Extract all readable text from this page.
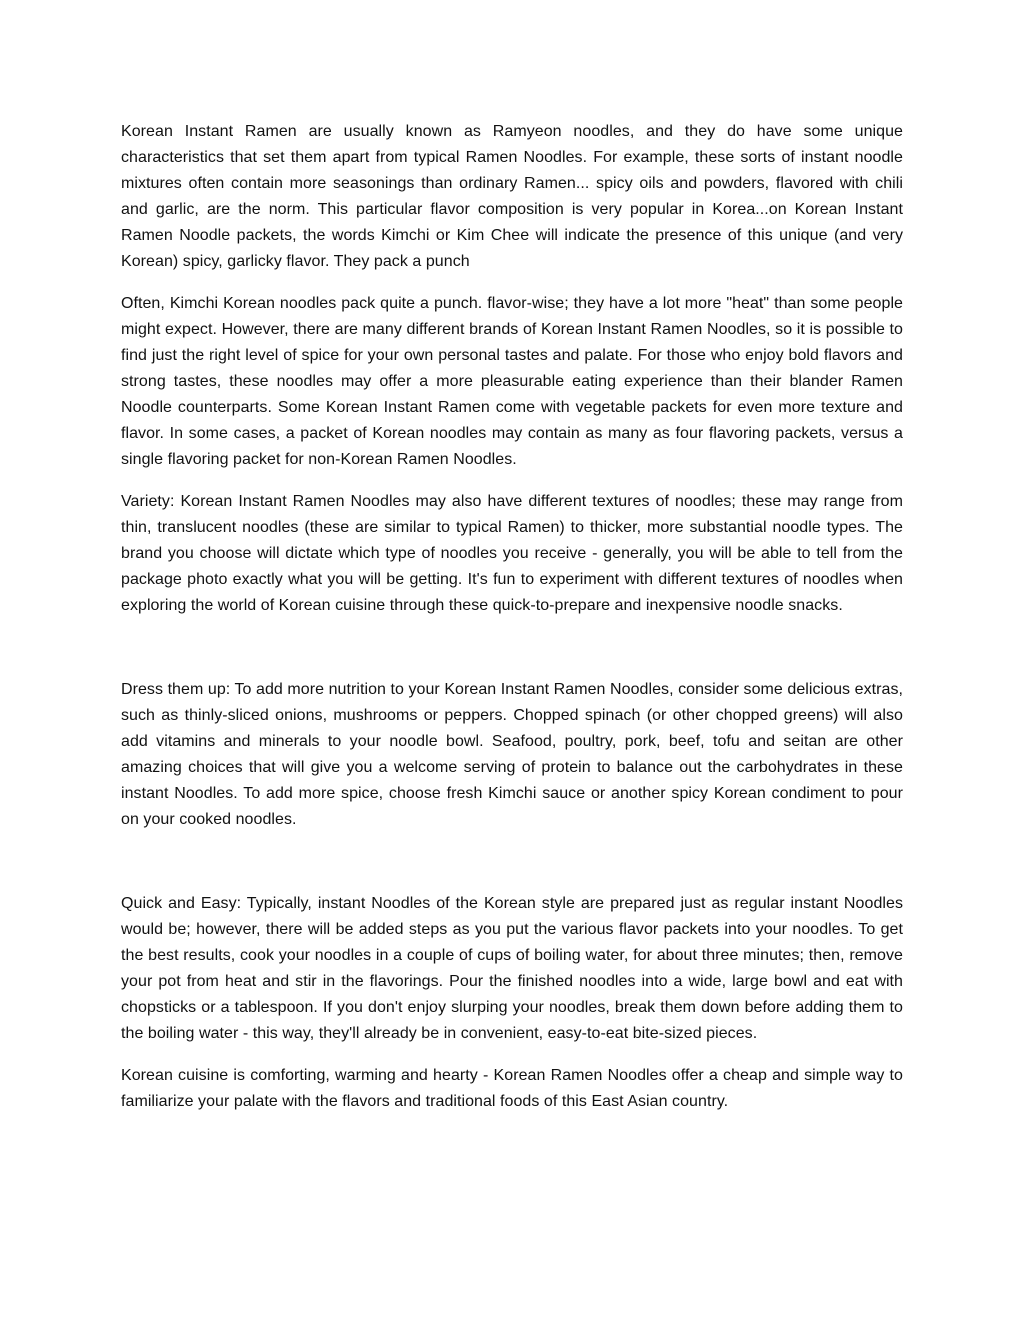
Korean Instant Ramen are usually known as Ramyeon noodles, and they do have some unique characteristics that set them apart from typical Ramen Noodles. For example, these sorts of instant noodle mixtures often contain more seasonings than ordinary Ramen... spicy oils and powders, flavored with chili and garlic, are the norm. This particular flavor composition is very popular in Korea...on Korean Instant Ramen Noodle packets, the words Kimchi or Kim Chee will indicate the presence of this unique (and very Korean) spicy, garlicky flavor. They pack a punch

Often, Kimchi Korean noodles pack quite a punch. flavor-wise; they have a lot more "heat" than some people might expect. However, there are many different brands of Korean Instant Ramen Noodles, so it is possible to find just the right level of spice for your own personal tastes and palate. For those who enjoy bold flavors and strong tastes, these noodles may offer a more pleasurable eating experience than their blander Ramen Noodle counterparts. Some Korean Instant Ramen come with vegetable packets for even more texture and flavor. In some cases, a packet of Korean noodles may contain as many as four flavoring packets, versus a single flavoring packet for non-Korean Ramen Noodles.

Variety: Korean Instant Ramen Noodles may also have different textures of noodles; these may range from thin, translucent noodles (these are similar to typical Ramen) to thicker, more substantial noodle types. The brand you choose will dictate which type of noodles you receive - generally, you will be able to tell from the package photo exactly what you will be getting. It's fun to experiment with different textures of noodles when exploring the world of Korean cuisine through these quick-to-prepare and inexpensive noodle snacks.

Dress them up: To add more nutrition to your Korean Instant Ramen Noodles, consider some delicious extras, such as thinly-sliced onions, mushrooms or peppers. Chopped spinach (or other chopped greens) will also add vitamins and minerals to your noodle bowl. Seafood, poultry, pork, beef, tofu and seitan are other amazing choices that will give you a welcome serving of protein to balance out the carbohydrates in these instant Noodles. To add more spice, choose fresh Kimchi sauce or another spicy Korean condiment to pour on your cooked noodles.

Quick and Easy: Typically, instant Noodles of the Korean style are prepared just as regular instant Noodles would be; however, there will be added steps as you put the various flavor packets into your noodles. To get the best results, cook your noodles in a couple of cups of boiling water, for about three minutes; then, remove your pot from heat and stir in the flavorings. Pour the finished noodles into a wide, large bowl and eat with chopsticks or a tablespoon. If you don't enjoy slurping your noodles, break them down before adding them to the boiling water - this way, they'll already be in convenient, easy-to-eat bite-sized pieces.

Korean cuisine is comforting, warming and hearty - Korean Ramen Noodles offer a cheap and simple way to familiarize your palate with the flavors and traditional foods of this East Asian country.
